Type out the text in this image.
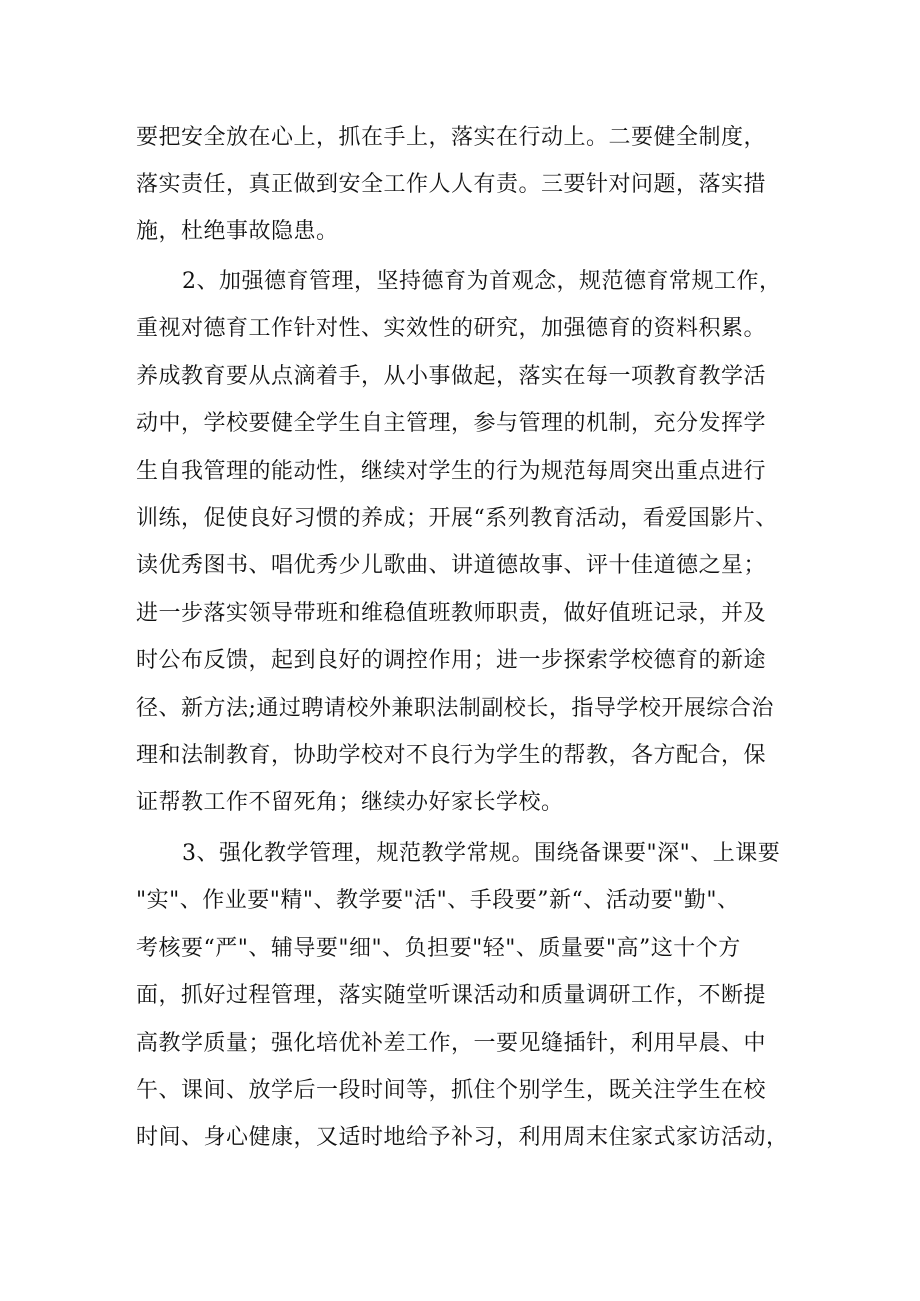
要把安全放在心上，抓在手上，落实在行动上。二要健全制度，
落实责任，真正做到安全工作人人有责。三要针对问题，落实措
施，杜绝事故隐患。
2、加强德育管理，坚持德育为首观念，规范德育常规工作，
重视对德育工作针对性、实效性的研究，加强德育的资料积累。
养成教育要从点滴着手，从小事做起，落实在每一项教育教学活
动中，学校要健全学生自主管理，参与管理的机制，充分发挥学
生自我管理的能动性，继续对学生的行为规范每周突出重点进行
训练，促使良好习惯的养成；开展“系列教育活动，看爱国影片、
读优秀图书、唱优秀少儿歌曲、讲道德故事、评十佳道德之星；
进一步落实领导带班和维稳值班教师职责，做好值班记录，并及
时公布反馈，起到良好的调控作用；进一步探索学校德育的新途
径、新方法;通过聘请校外兼职法制副校长，指导学校开展综合治
理和法制教育，协助学校对不良行为学生的帮教，各方配合，保
证帮教工作不留死角；继续办好家长学校。
3、强化教学管理，规范教学常规。围绕备课要"深"、上课要
"实"、作业要"精"、教学要"活"、手段要”新“、活动要"勤"、
考核要“严"、辅导要"细"、负担要"轻"、质量要"高”这十个方
面，抓好过程管理，落实随堂听课活动和质量调研工作，不断提
高教学质量；强化培优补差工作，一要见缝插针，利用早晨、中
午、课间、放学后一段时间等，抓住个别学生，既关注学生在校
时间、身心健康，又适时地给予补习，利用周末住家式家访活动，
